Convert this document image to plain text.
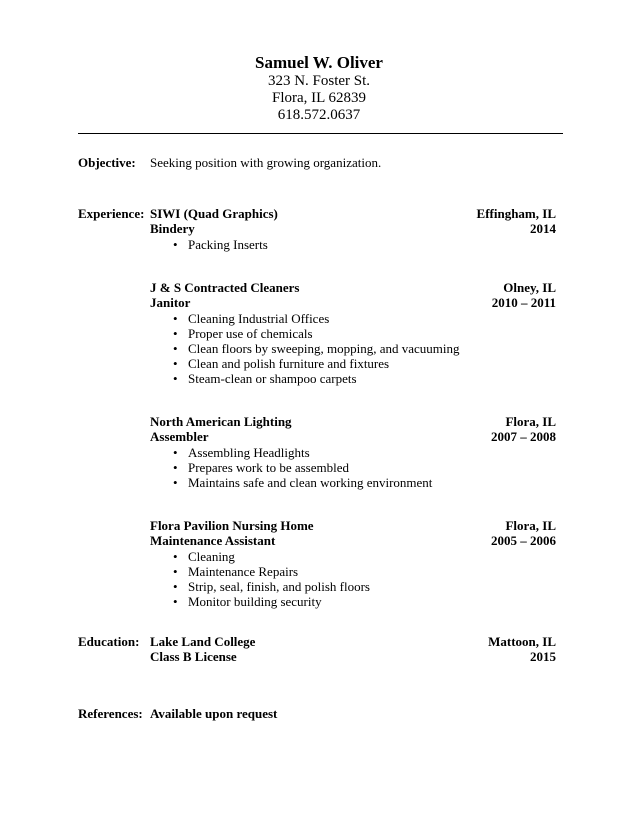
Samuel W. Oliver
323 N. Foster St.
Flora, IL 62839
618.572.0637
Objective: Seeking position with growing organization.
Experience: SIWI (Quad Graphics)	Effingham, IL
Bindery	2014
• Packing Inserts
J & S Contracted Cleaners	Olney, IL
Janitor	2010 – 2011
• Cleaning Industrial Offices
• Proper use of chemicals
• Clean floors by sweeping, mopping, and vacuuming
• Clean and polish furniture and fixtures
• Steam-clean or shampoo carpets
North American Lighting	Flora, IL
Assembler	2007 – 2008
• Assembling Headlights
• Prepares work to be assembled
• Maintains safe and clean working environment
Flora Pavilion Nursing Home	Flora, IL
Maintenance Assistant	2005 – 2006
• Cleaning
• Maintenance Repairs
• Strip, seal, finish, and polish floors
• Monitor building security
Education: Lake Land College	Mattoon, IL
Class B License	2015
References: Available upon request
